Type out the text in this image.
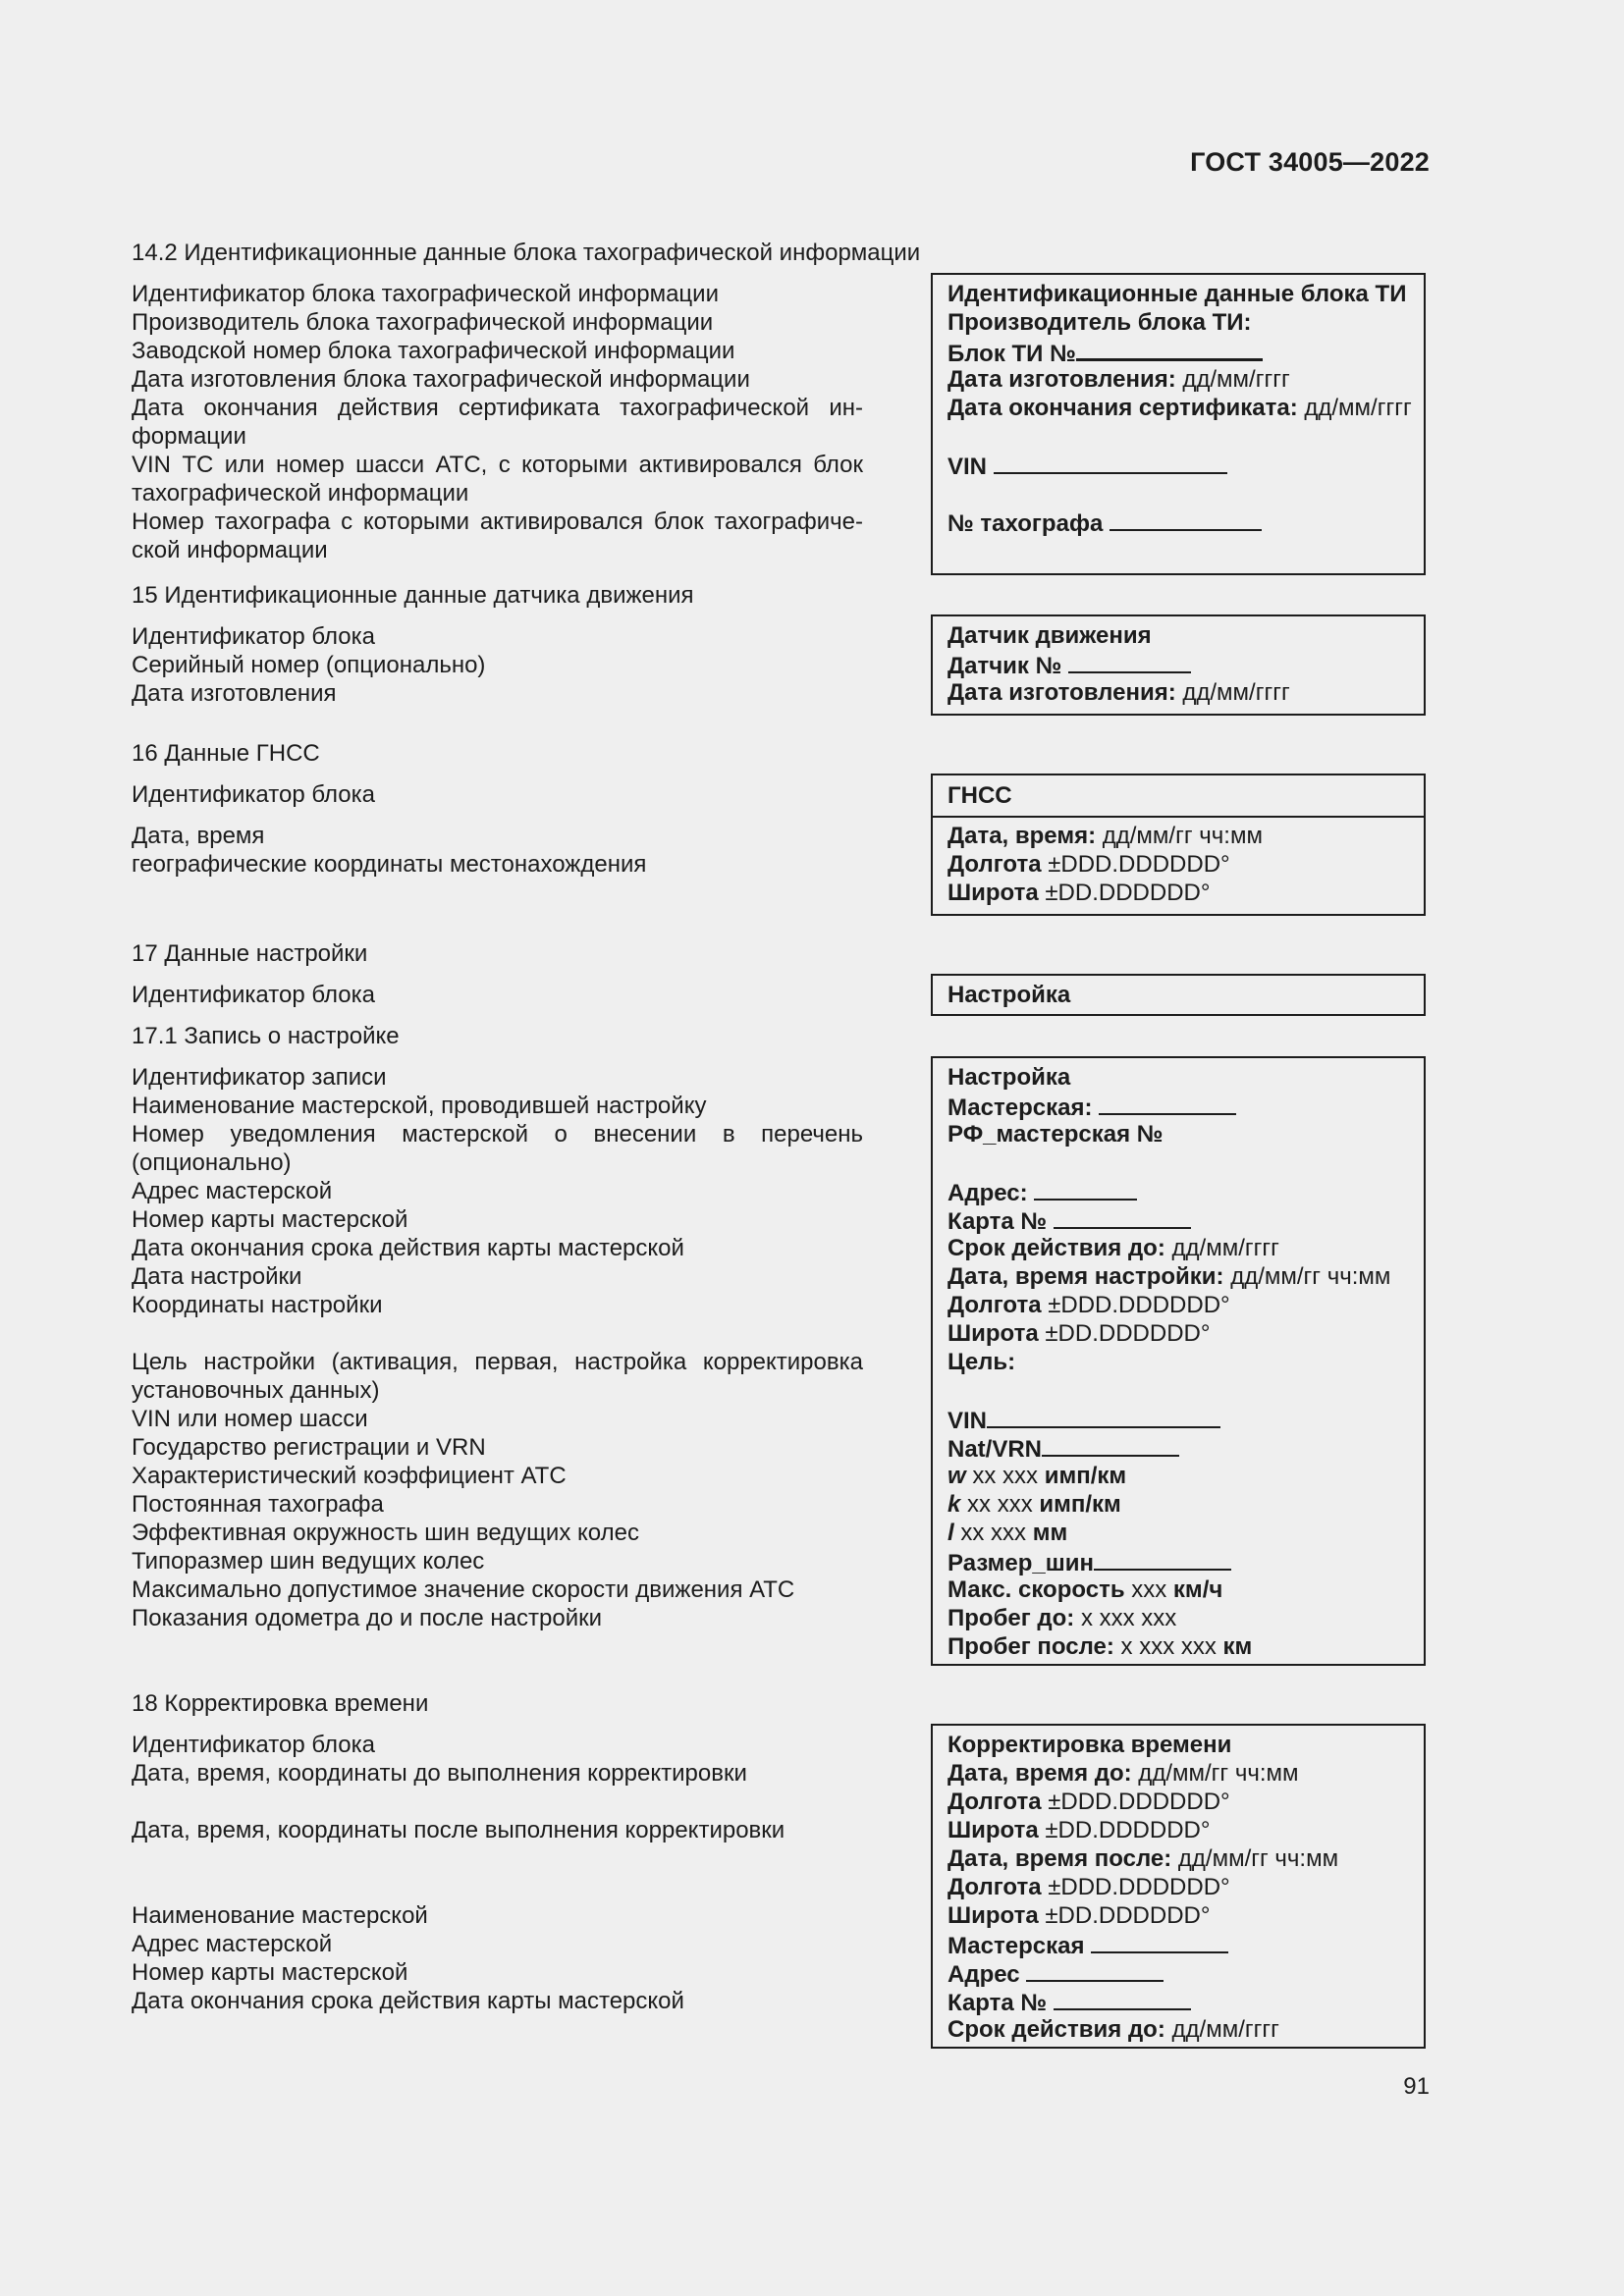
ГОСТ 34005—2022
14.2 Идентификационные данные блока тахографической информации
Идентификатор блока тахографической информации
Производитель блока тахографической информации
Заводской номер блока тахографической информации
Дата изготовления блока тахографической информации
Дата окончания действия сертификата тахографической ин-
формации
VIN ТС или номер шасси АТС, с которыми активировался блок
тахографической информации
Номер тахографа с которыми активировался блок тахографиче-
ской информации
Идентификационные данные блока ТИ
Производитель блока ТИ:
Блок ТИ №
Дата изготовления: дд/мм/гггг
Дата окончания сертификата: дд/мм/гггг
VIN
№ тахографа
15 Идентификационные данные датчика движения
Идентификатор блока
Серийный номер (опционально)
Дата изготовления
Датчик движения
Датчик №
Дата изготовления: дд/мм/гггг
16 Данные ГНСС
Идентификатор блока
Дата, время
географические координаты местонахождения
ГНСС
Дата, время: дд/мм/гг чч:мм
Долгота ±DDD.DDDDDD°
Широта ±DD.DDDDDD°
17 Данные настройки
Идентификатор блока	Настройка
17.1 Запись о настройке
Идентификатор записи
Наименование мастерской, проводившей настройку
Номер уведомления мастерской о внесении в перечень
(опционально)
Адрес мастерской
Номер карты мастерской
Дата окончания срока действия карты мастерской
Дата настройки
Координаты настройки
Цель настройки (активация, первая, настройка корректировка
установочных данных)
VIN или номер шасси
Государство регистрации и VRN
Характеристический коэффициент АТС
Постоянная тахографа
Эффективная окружность шин ведущих колес
Типоразмер шин ведущих колес
Максимально допустимое значение скорости движения АТС
Показания одометра до и после настройки
Настройка
Мастерская:
РФ_мастерская №
Адрес:
Карта №
Срок действия до: дд/мм/гггг
Дата, время настройки: дд/мм/гг чч:мм
Долгота ±DDD.DDDDDD°
Широта ±DD.DDDDDD°
Цель:
VIN
Nat/VRN
w xx xxx имп/км
k xx xxx имп/км
l xx xxx мм
Размер_шин
Макс. скорость xxx км/ч
Пробег до: x xxx xxx
Пробег после: x xxx xxx км
18 Корректировка времени
Идентификатор блока
Дата, время, координаты до выполнения корректировки
Дата, время, координаты после выполнения корректировки
Наименование мастерской
Адрес мастерской
Номер карты мастерской
Дата окончания срока действия карты мастерской
Корректировка времени
Дата, время до: дд/мм/гг чч:мм
Долгота ±DDD.DDDDDD°
Широта ±DD.DDDDDD°
Дата, время после: дд/мм/гг чч:мм
Долгота ±DDD.DDDDDD°
Широта ±DD.DDDDDD°
Мастерская
Адрес
Карта №
Срок действия до: дд/мм/гггг
91
